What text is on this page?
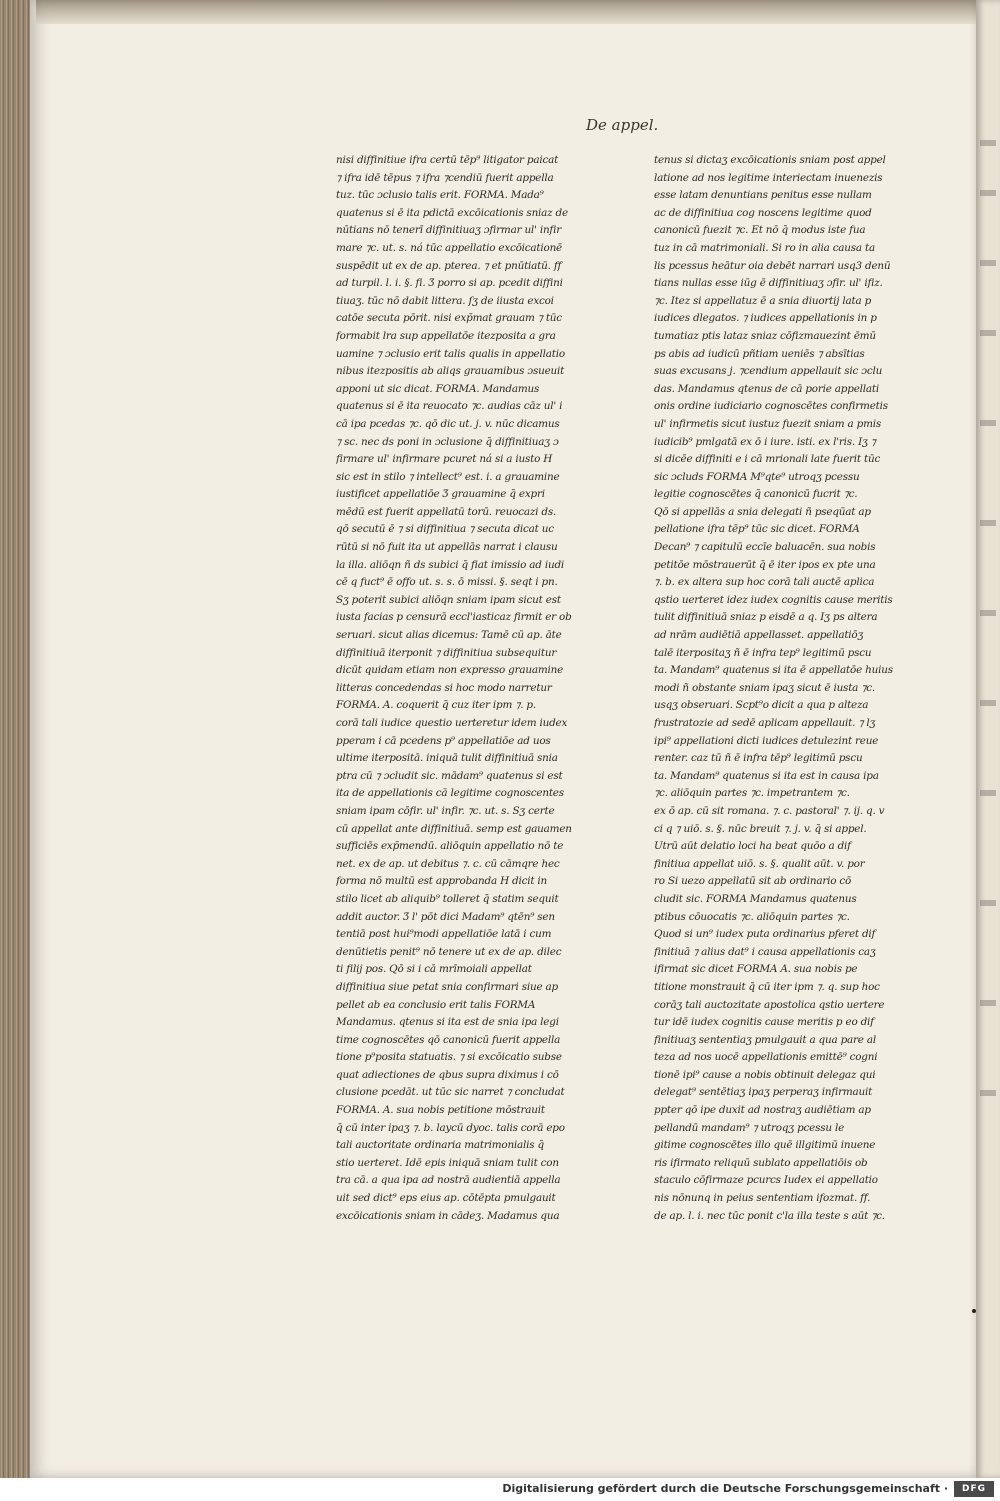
De appel.
nisi diffinitiue ifra certū tēp⁹ litigator paicat
⁊ ifra idē tēpus ⁊ ifra ⁊cendiū fuerit appella
tuz. tūc ɔclusio talis erit. FORMA. Mada⁹
quatenus si ē ita pdictā excōicationis sniaz de
nūtians nō tenerī diffinitiuaʒ ɔfirmar ul' infir
mare ⁊c. ut. s. ná tūc appellatio excōicationē
suspēdit ut ex de ap. pterea. ⁊ et pnūtiatū. ff
ad turpil. l. i. §. fi. Ʒ porro si ap. pcedit diffini
tiuaʒ. tūc nō dabit littera. ſʒ de iiusta excoi
catōe secuta pōrit. nisi exp̄mat grauam ⁊ tūc
formabit lra sup appellatōe itezposita a gra
uamine ⁊ ɔclusio erit talis qualis in appellatio
nibus itezpositis ab aliqs grauamibus ɔsueuit
apponi ut sic dicat. FORMA. Mandamus
quatenus si ē ita reuocato ⁊c. audias cāz ul' i
cā ipa pcedas ⁊c. qō dic ut. j. v. nūc dicamus
⁊ sc. nec ds poni in ɔclusione q̄ diffinitiuaʒ ɔ
firmare ul' infirmare pcuret ná si a iusto H
sic est in stilo ⁊ intellect⁹ est. i. a grauamine
iustificet appellatiōe Ʒ grauamine q̄ expri
mēdū est fuerit appellatū torū. reuocazi ds.
qō secutū ē ⁊ si diffinitiua ⁊ secuta dicat uc
rūtū si nō fuit ita ut appellās narrat i clausu
la illa. aliōqn ñ ds subici q̄ fiat imissio ad iudi
cē q fuct⁹ ē offo ut. s. s. ō missi. §. seqt i pn.
Sʒ poterit subici aliōqn sniam ipam sicut est
iusta facias p censurā eccl'iasticaz firmit er ob
seruari. sicut alias dicemus: Tamē cū ap. āte
diffinitiuā iterponit ⁊ diffinitiua subsequitur
dicūt quidam etiam non expresso grauamine
litteras concedendas si hoc modo narretur
FORMA. A. coquerit q̄ cuz iter ipm ⁊. p.
corā tali iudice questio uerteretur idem iudex
pperam i cā pcedens p⁹ appellatiōe ad uos
ultime iterpositā. iniquā tulit diffinitiuā snia
ptra cū ⁊ ɔcludit sic. mādam⁹ quatenus si est
ita de appellationis cā legitime cognoscentes
sniam ipam cōfir. ul' infir. ⁊c. ut. s. Sʒ certe
cū appellat ante diffinitiuā. semp est gauamen
sufficiēs exp̄mendū. aliōquin appellatio nō te
net. ex de ap. ut debitus ⁊. c. cū cāmqre hec
forma nō multū est approbanda H dicit in
stilo licet ab aliquib⁹ tolleret q̄ statim sequit
addit auctor. Ʒ l' pōt dici Madam⁹ qtēn⁹ sen
tentiā post hui⁹modi appellatiōe latā i cum
denūtietis penit⁹ nō tenere ut ex de ap. dilec
ti filij pos. Qō si i cā mrīmoiali appellat
diffinitiua siue petat snia confirmari siue ap
pellet ab ea conclusio erit talis FORMA
Mandamus. qtenus si ita est de snia ipa legi
time cognoscētes qō canonicū fuerit appella
tione p⁹posita statuatis. ⁊ si excōicatio subse
quat adiectiones de qbus supra diximus i cō
clusione pcedāt. ut tūc sic narret ⁊ concludat
FORMA. A. sua nobis petitione mōstrauit
q̄ cū inter ipaʒ ⁊. b. laycū dyoc. talis corā epo
tali auctoritate ordinaria matrimonialis q̄
stio uerteret. Idē epis iniquā sniam tulit con
tra cā. a qua ipa ad nostrā audientiā appella
uit sed dict⁹ eps eius ap. cōtēpta pmulgauit
excōicationis sniam in cādeʒ. Madamus qua
tenus si dictaʒ excōicationis sniam post appel
latione ad nos legitime interiectam inuenezis
esse latam denuntians penitus esse nullam
ac de diffinitiua cog noscens legitime quod
canonicū fuezit ⁊c. Et nō q̄ modus iste fua
tuz in cā matrimoniali. Si ro in alia causa ta
lis pcessus heātur oia debēt narrari usq3 denū
tians nullas esse iūg ē diffinitiuaʒ ɔfir. ul' ifiz.
⁊c. Itez si appellatuz ē a snia diuortij lata p
iudices dlegatos. ⁊ iudices appellationis in p
tumatiaz ptis lataz sniaz cōfizmauezint ēmū
ps abis ad iudicū pñtiam ueniēs ⁊ absītias
suas excusans j. ⁊cendium appellauit sic ɔclu
das. Mandamus qtenus de cā porie appellati
onis ordine iudiciario cognoscētes confirmetis
ul' infirmetis sicut iustuz fuezit sniam a pmis
iudicib⁹ pmlgatā ex ō i iure. isti. ex l'ris. Iʒ ⁊
si dicēe diffiniti e i cā mrionali late fuerit tūc
sic ɔcluds FORMA M⁹qte⁹ utroqʒ pcessu
legitie cognoscētes q̄ canonicū fucrit ⁊c.
Qō si appellās a snia delegati ñ pseqūat ap
pellatione ifra tēp⁹ tūc sic dicet. FORMA
Decan⁹ ⁊ capitulū eccīe baluacēn. sua nobis
petitōe mōstrauerūt q̄ ē iter ipos ex pte una
⁊. b. ex altera sup hoc corā tali auctē aplica
qstio uerteret idez iudex cognitis cause meritis
tulit diffinitiuā sniaz p eisdē a q. Iʒ ps altera
ad nrām audiētiā appellasset. appellatiōʒ
talē iterpositaʒ ñ ē infra tep⁹ legitimū pscu
ta. Mandam⁹ quatenus si ita ē appellatōe huius
modi ñ obstante sniam ipaʒ sicut ē iusta ⁊c.
usqʒ obseruari. Scpt⁹o dicit a qua p alteza
frustratozie ad sedē aplicam appellauit. ⁊ lʒ
ipi⁹ appellationi dicti iudices detulezint reue
renter. caz tū ñ ē infra tēp⁹ legitimū pscu
ta. Mandam⁹ quatenus si ita est in causa ipa
⁊c. aliōquin partes ⁊c. impetrantem ⁊c.
ex ō ap. cū sit romana. ⁊. c. pastoral' ⁊. ij. q. v
ci q ⁊ uiō. s. §. nūc breuit ⁊. j. v. q̄ si appel.
Utrū aūt delatio loci ha beat quōo a dif
finitiua appellat uiō. s. §. qualit aūt. v. por
ro Si uezo appellatū sit ab ordinario cō
cludit sic. FORMA Mandamus quatenus
ptibus cōuocatis ⁊c. aliōquin partes ⁊c.
Quod si un⁹ iudex puta ordinarius pferet dif
finitiuā ⁊ alius dat⁹ i causa appellationis caʒ
ifirmat sic dicet FORMA A. sua nobis pe
titione monstrauit q̄ cū iter ipm ⁊. q. sup hoc
corāʒ tali auctozitate apostolica qstio uertere
tur idē iudex cognitis cause meritis p eo dif
finitiuaʒ sententiaʒ pmulgauit a qua pare al
teza ad nos uocē appellationis emittē⁹ cogni
tionē ipi⁹ cause a nobis obtinuit delegaz qui
delegat⁹ sentētiaʒ ipaʒ perperaʒ infirmauit
ppter qō ipe duxit ad nostraʒ audiētiam ap
pellandū mandam⁹ ⁊ utroqʒ pcessu le
gitime cognoscētes illo quē illgitimū inuene
ris ifirmato reliquū sublato appellatiōis ob
staculo cōfirmaze pcurcs Iudex ei appellatio
nis nōnunq in peius sententiam ifozmat. ff.
de ap. l. i. nec tūc ponit c'la illa teste s aūt ⁊c.
Digitalisierung gefördert durch die Deutsche Forschungsgemeinschaft ·	DFG
